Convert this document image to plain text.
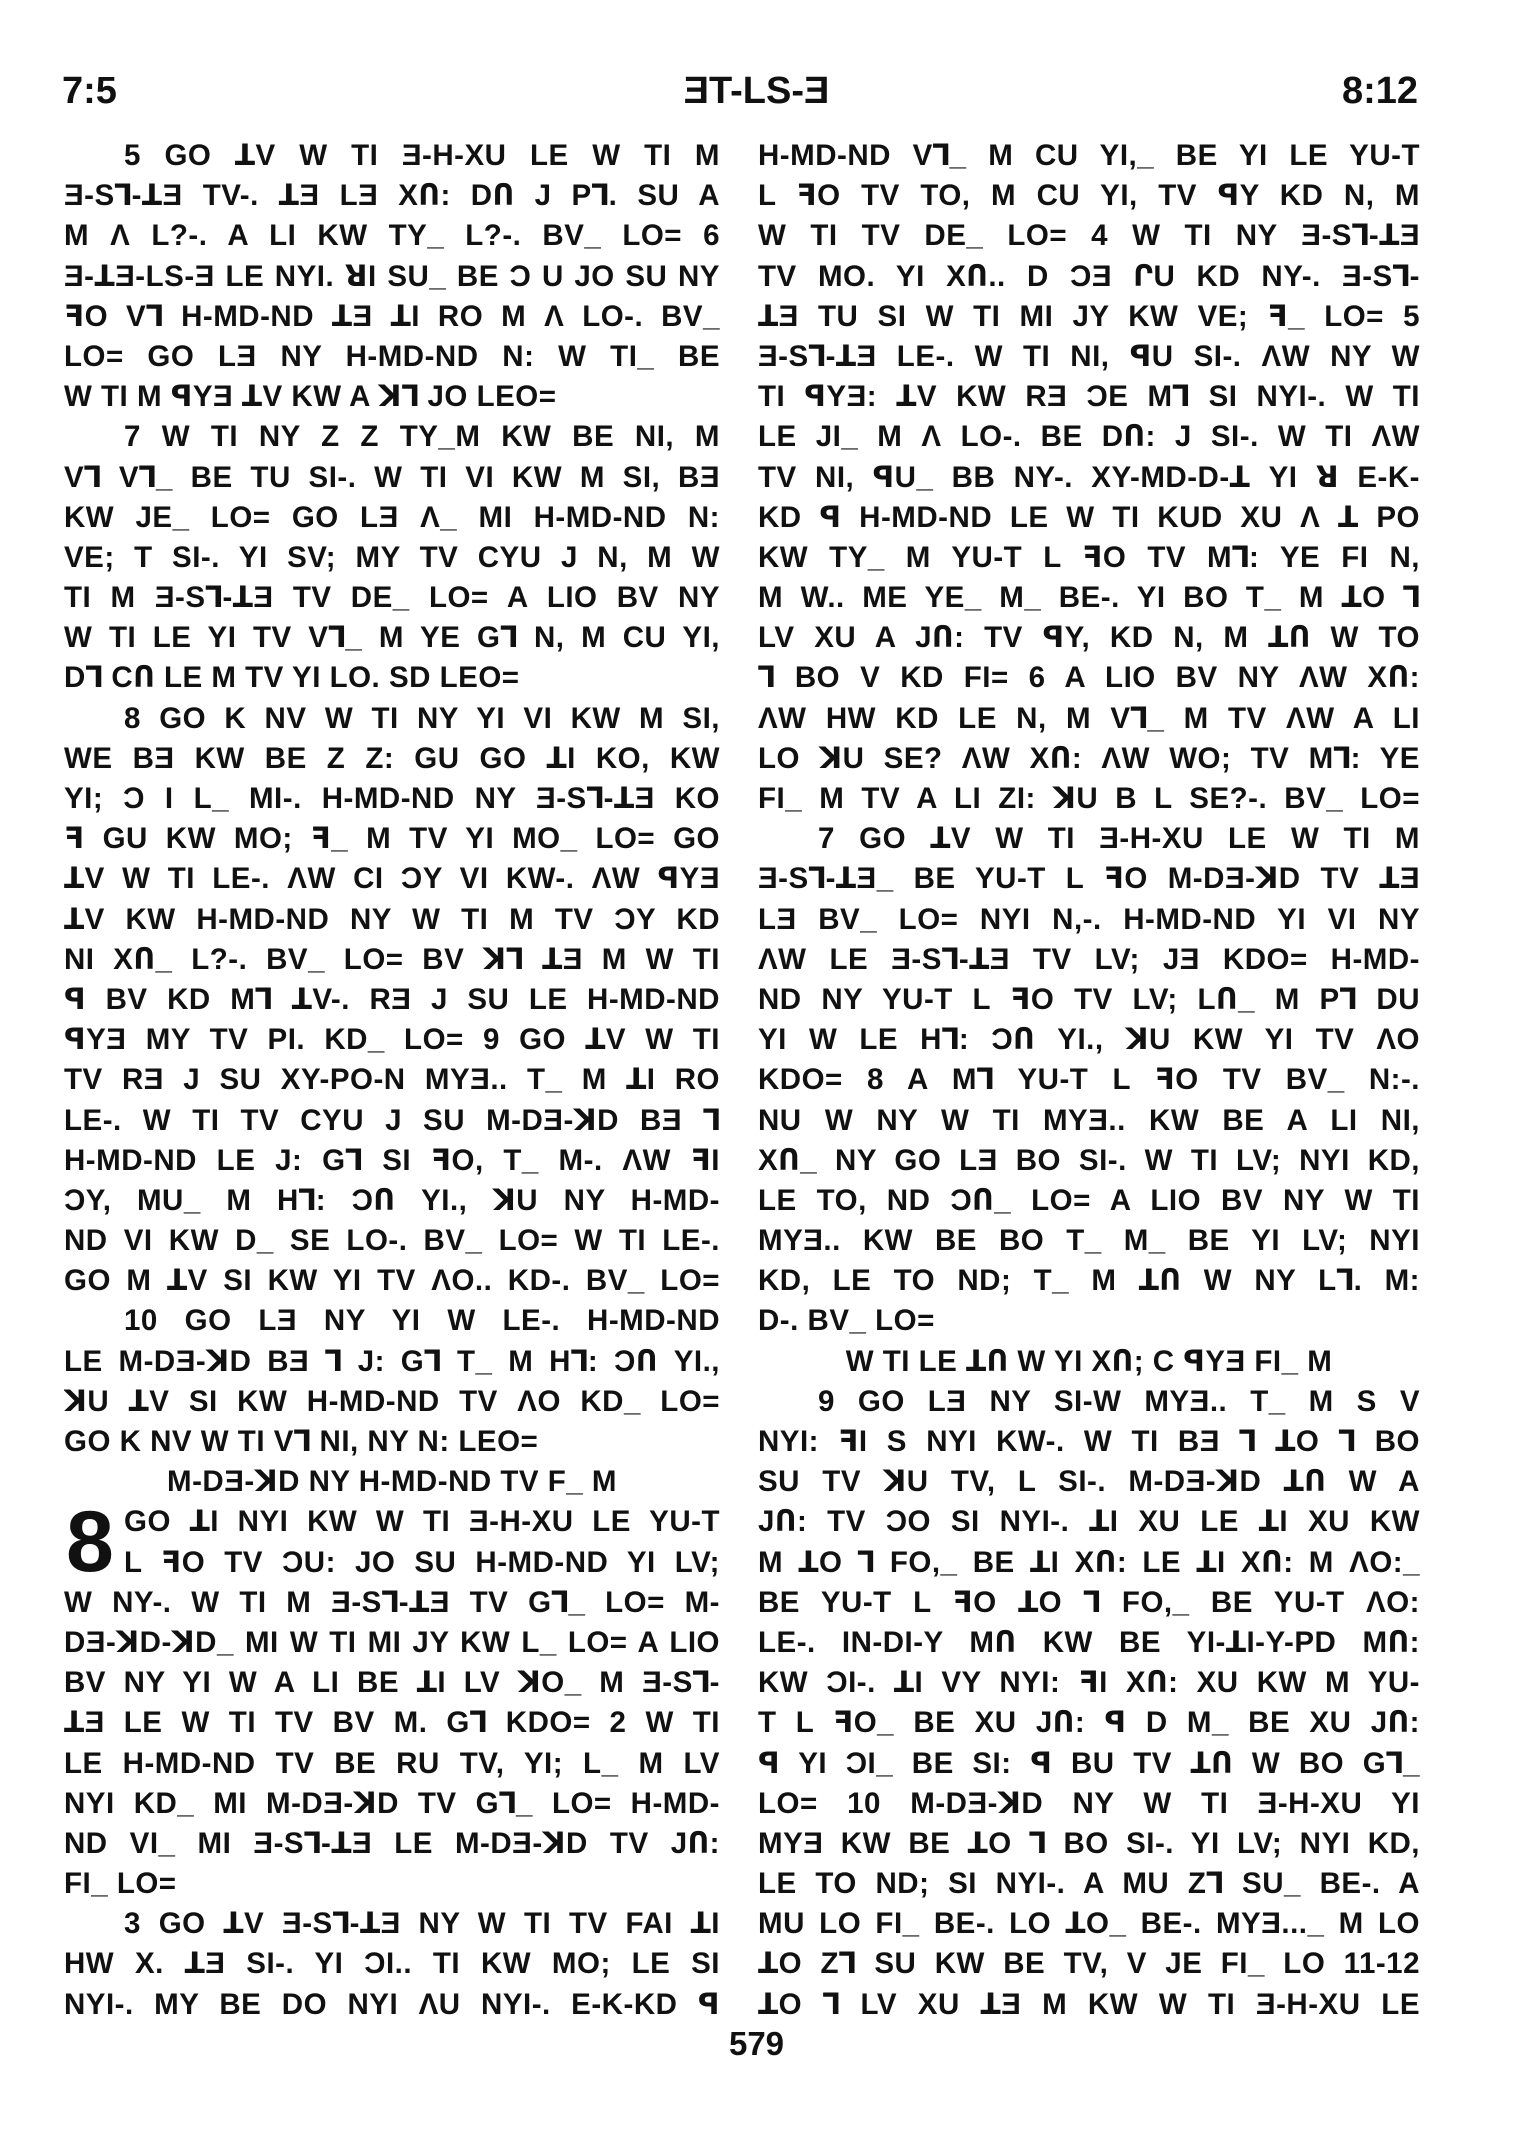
7:5	ƎT-LS-Ǝ	8:12
5 GO ꓕV W TI Ǝ-H-XU LE W TI M
Ǝ-S⅂-ꓕƎ TV-. ꓕƎ LƎ XՈ: DՈ J P⅂. SU A
M Λ L?-. A LI KW TY_ L?-. BV_ LO= 6
Ǝ-ꓕƎ-LS-Ǝ LE NYI. ꓤI SU_ BE Ɔ U JO SU NY
ꟻO V⅂ H-MD-ND ꓕƎ ꓕI RO M Λ LO-. BV_
LO= GO LƎ NY H-MD-ND N: W TI_ BE
W TI M ꟼYƎ ꓕV KW A ꓘ⅂ JO LEO=
7 W TI NY Z Z TY_M KW BE NI, M
V⅂ V⅂_ BE TU SI-. W TI VI KW M SI, BƎ
KW JE_ LO= GO LƎ Λ_ MI H-MD-ND N:
VE; T SI-. YI SV; MY TV CYU J N, M W
TI M Ǝ-S⅂-ꓕƎ TV DE_ LO= A LIO BV NY
W TI LE YI TV V⅂_ M YE G⅂ N, M CU YI,
D⅂ CՈ LE M TV YI LO. SD LEO=
8 GO K NV W TI NY YI VI KW M SI,
WE BƎ KW BE Z Z: GU GO ꓕI KO, KW
YI; Ɔ I L_ MI-. H-MD-ND NY Ǝ-S⅂-ꓕƎ KO
ꟻ GU KW MO; ꟻ_ M TV YI MO_ LO= GO
ꓕV W TI LE-. ΛW CI ƆY VI KW-. ΛW ꟼYƎ
ꓕV KW H-MD-ND NY W TI M TV ƆY KD
NI XՈ_ L?-. BV_ LO= BV ꓘ⅂ ꓕƎ M W TI
ꟼ BV KD M⅂ ꓕV-. RƎ J SU LE H-MD-ND
ꟼYƎ MY TV PI. KD_ LO= 9 GO ꓕV W TI
TV RƎ J SU XY-PO-N MYƎ.. T_ M ꓕI RO
LE-. W TI TV CYU J SU M-DƎ-ꓘD BƎ ⅂
H-MD-ND LE J: G⅂ SI ꟻO, T_ M-. ΛW ꟻI
ƆY, MU_ M H⅂: ƆՈ YI., ꓘU NY H-MD-
ND VI KW D_ SE LO-. BV_ LO= W TI LE-.
GO M ꓕV SI KW YI TV ΛO.. KD-. BV_ LO=
10 GO LƎ NY YI W LE-. H-MD-ND
LE M-DƎ-ꓘD BƎ ⅂ J: G⅂ T_ M H⅂: ƆՈ YI.,
ꓘU ꓕV SI KW H-MD-ND TV ΛO KD_ LO=
GO K NV W TI V⅂ NI, NY N: LEO=
M-DƎ-ꓘD NY H-MD-ND TV F_ M
8 GO ꓕI NYI KW W TI Ǝ-H-XU LE YU-T
L ꟻO TV ƆU: JO SU H-MD-ND YI LV;
W NY-. W TI M Ǝ-S⅂-ꓕƎ TV G⅂_ LO= M-
DƎ-ꓘD-ꓘD_ MI W TI MI JY KW L_ LO= A LIO
BV NY YI W A LI BE ꓕI LV ꓘO_ M Ǝ-S⅂-
ꓕƎ LE W TI TV BV M. G⅂ KDO= 2 W TI
LE H-MD-ND TV BE RU TV, YI; L_ M LV
NYI KD_ MI M-DƎ-ꓘD TV G⅂_ LO= H-MD-
ND VI_ MI Ǝ-S⅂-ꓕƎ LE M-DƎ-ꓘD TV JՈ:
FI_ LO=
3 GO ꓕV Ǝ-S⅂-ꓕƎ NY W TI TV FAI ꓕI
HW X. ꓕƎ SI-. YI ƆI.. TI KW MO; LE SI
NYI-. MY BE DO NYI ΛU NYI-. E-K-KD ꟼ
H-MD-ND V⅂_ M CU YI,_ BE YI LE YU-T
L ꟻO TV TO, M CU YI, TV ꟼY KD N, M
W TI TV DE_ LO= 4 W TI NY Ǝ-S⅂-ꓕƎ
TV MO. YI XՈ.. D ƆƎ ՐU KD NY-. Ǝ-S⅂-
ꓕƎ TU SI W TI MI JY KW VE; ꟻ_ LO= 5
Ǝ-S⅂-ꓕƎ LE-. W TI NI, ꟼU SI-. ΛW NY W
TI ꟼYƎ: ꓕV KW RƎ ƆE M⅂ SI NYI-. W TI
LE JI_ M Λ LO-. BE DՈ: J SI-. W TI ΛW
TV NI, ꟼU_ BB NY-. XY-MD-D-ꓕ YI ꓤ E-K-
KD ꟼ H-MD-ND LE W TI KUD XU Λ ꓕ PO
KW TY_ M YU-T L ꟻO TV M⅂: YE FI N,
M W.. ME YE_ M_ BE-. YI BO T_ M ꓕO ⅂
LV XU A JՈ: TV ꟼY, KD N, M ꓕՈ W TO
⅂ BO V KD FI= 6 A LIO BV NY ΛW XՈ:
ΛW HW KD LE N, M V⅂_ M TV ΛW A LI
LO ꓘU SE? ΛW XՈ: ΛW WO; TV M⅂: YE
FI_ M TV A LI ZI: ꓘU B L SE?-. BV_ LO=
7 GO ꓕV W TI Ǝ-H-XU LE W TI M
Ǝ-S⅂-ꓕƎ_ BE YU-T L ꟻO M-DƎ-ꓘD TV ꓕƎ
LƎ BV_ LO= NYI N,-. H-MD-ND YI VI NY
ΛW LE Ǝ-S⅂-ꓕƎ TV LV; JƎ KDO= H-MD-
ND NY YU-T L ꟻO TV LV; LՈ_ M P⅂ DU
YI W LE H⅂: ƆՈ YI., ꓘU KW YI TV ΛO
KDO= 8 A M⅂ YU-T L ꟻO TV BV_ N:-.
NU W NY W TI MYƎ.. KW BE A LI NI,
XՈ_ NY GO LƎ BO SI-. W TI LV; NYI KD,
LE TO, ND ƆՈ_ LO= A LIO BV NY W TI
MYƎ.. KW BE BO T_ M_ BE YI LV; NYI
KD, LE TO ND; T_ M ꓕՈ W NY L⅂. M:
D-. BV_ LO=
W TI LE ꓕՈ W YI XՈ; C ꟼYƎ FI_ M
9 GO LƎ NY SI-W MYƎ.. T_ M S V
NYI: ꟻI S NYI KW-. W TI BƎ ⅂ ꓕO ⅂ BO
SU TV ꓘU TV, L SI-. M-DƎ-ꓘD ꓕՈ W A
JՈ: TV ƆO SI NYI-. ꓕI XU LE ꓕI XU KW
M ꓕO ⅂ FO,_ BE ꓕI XՈ: LE ꓕI XՈ: M ΛO:_
BE YU-T L ꟻO ꓕO ⅂ FO,_ BE YU-T ΛO:
LE-. IN-DI-Y MՈ KW BE YI-ꓕI-Y-PD MՈ:
KW ƆI-. ꓕI VY NYI: ꟻI XՈ: XU KW M YU-
T L ꟻO_ BE XU JՈ: ꟼ D M_ BE XU JՈ:
ꟼ YI ƆI_ BE SI: ꟼ BU TV ꓕՈ W BO G⅂_
LO= 10 M-DƎ-ꓘD NY W TI Ǝ-H-XU YI
MYƎ KW BE ꓕO ⅂ BO SI-. YI LV; NYI KD,
LE TO ND; SI NYI-. A MU Z⅂ SU_ BE-. A
MU LO FI_ BE-. LO ꓕO_ BE-. MYƎ..._ M LO
ꓕO Z⅂ SU KW BE TV, V JE FI_ LO 11-12
ꓕO ⅂ LV XU ꓕƎ M KW W TI Ǝ-H-XU LE
579
